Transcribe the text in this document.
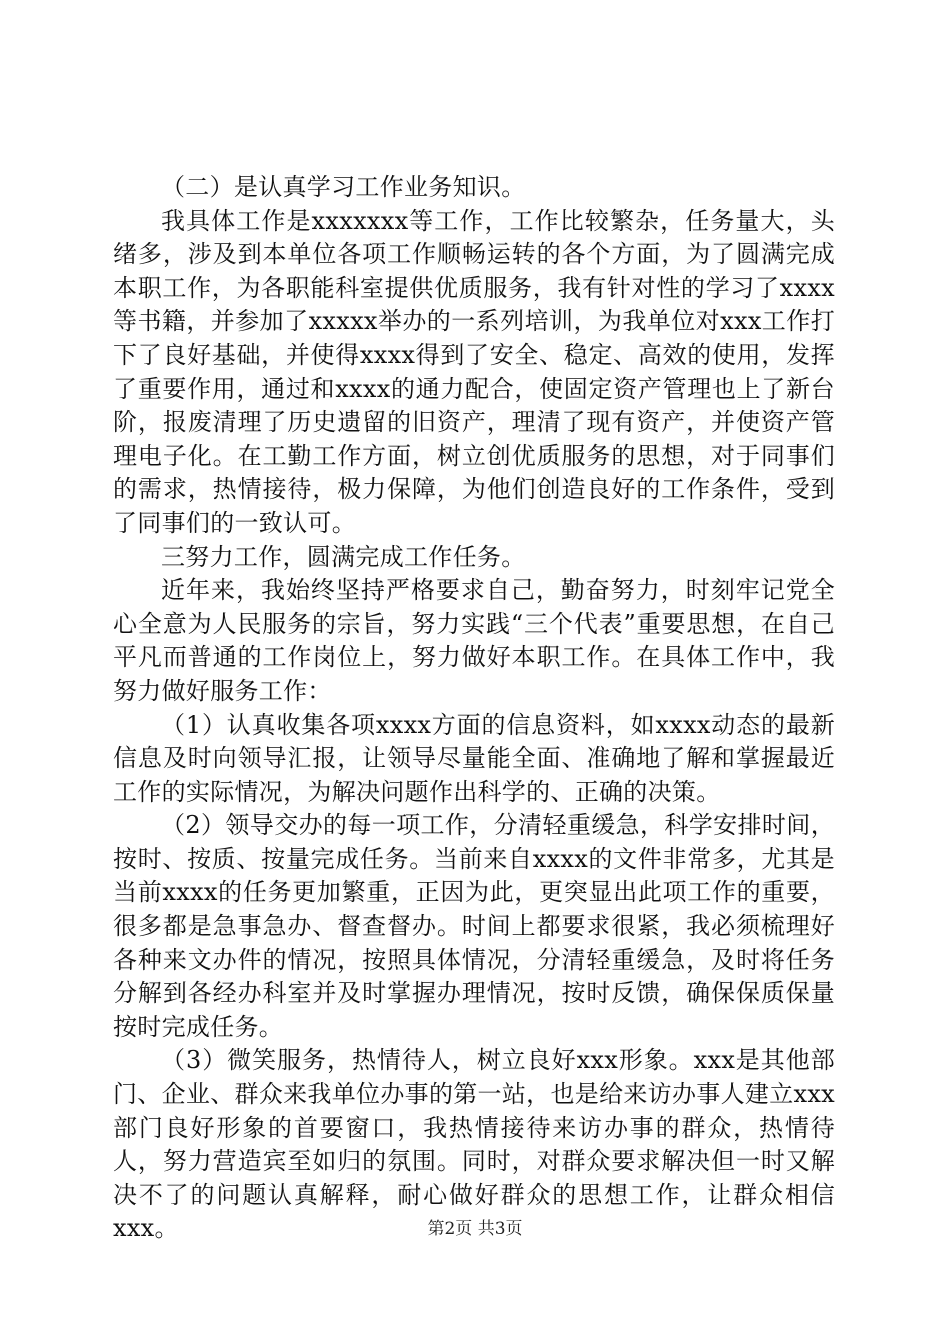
（二）是认真学习工作业务知识。

我具体工作是xxxxxxx等工作，工作比较繁杂，任务量大，头绪多，涉及到本单位各项工作顺畅运转的各个方面，为了圆满完成本职工作，为各职能科室提供优质服务，我有针对性的学习了xxxx等书籍，并参加了xxxxx举办的一系列培训，为我单位对xxx工作打下了良好基础，并使得xxxx得到了安全、稳定、高效的使用，发挥了重要作用，通过和xxxx的通力配合，使固定资产管理也上了新台阶，报废清理了历史遗留的旧资产，理清了现有资产，并使资产管理电子化。在工勤工作方面，树立创优质服务的思想，对于同事们的需求，热情接待，极力保障，为他们创造良好的工作条件，受到了同事们的一致认可。

三努力工作，圆满完成工作任务。

近年来，我始终坚持严格要求自己，勤奋努力，时刻牢记党全心全意为人民服务的宗旨，努力实践“三个代表”重要思想，在自己平凡而普通的工作岗位上，努力做好本职工作。在具体工作中，我努力做好服务工作：

（1）认真收集各项xxxx方面的信息资料，如xxxx动态的最新信息及时向领导汇报，让领导尽量能全面、准确地了解和掌握最近工作的实际情况，为解决问题作出科学的、正确的决策。

（2）领导交办的每一项工作，分清轻重缓急，科学安排时间，按时、按质、按量完成任务。当前来自xxxx的文件非常多，尤其是当前xxxx的任务更加繁重，正因为此，更突显出此项工作的重要，很多都是急事急办、督查督办。时间上都要求很紧，我必须梳理好各种来文办件的情况，按照具体情况，分清轻重缓急，及时将任务分解到各经办科室并及时掌握办理情况，按时反馈，确保保质保量按时完成任务。

（3）微笑服务，热情待人，树立良好xxx形象。xxx是其他部门、企业、群众来我单位办事的第一站，也是给来访办事人建立xxx部门良好形象的首要窗口，我热情接待来访办事的群众，热情待人，努力营造宾至如归的氛围。同时，对群众要求解决但一时又解决不了的问题认真解释，耐心做好群众的思想工作，让群众相信xxx。	第2页 共3页
